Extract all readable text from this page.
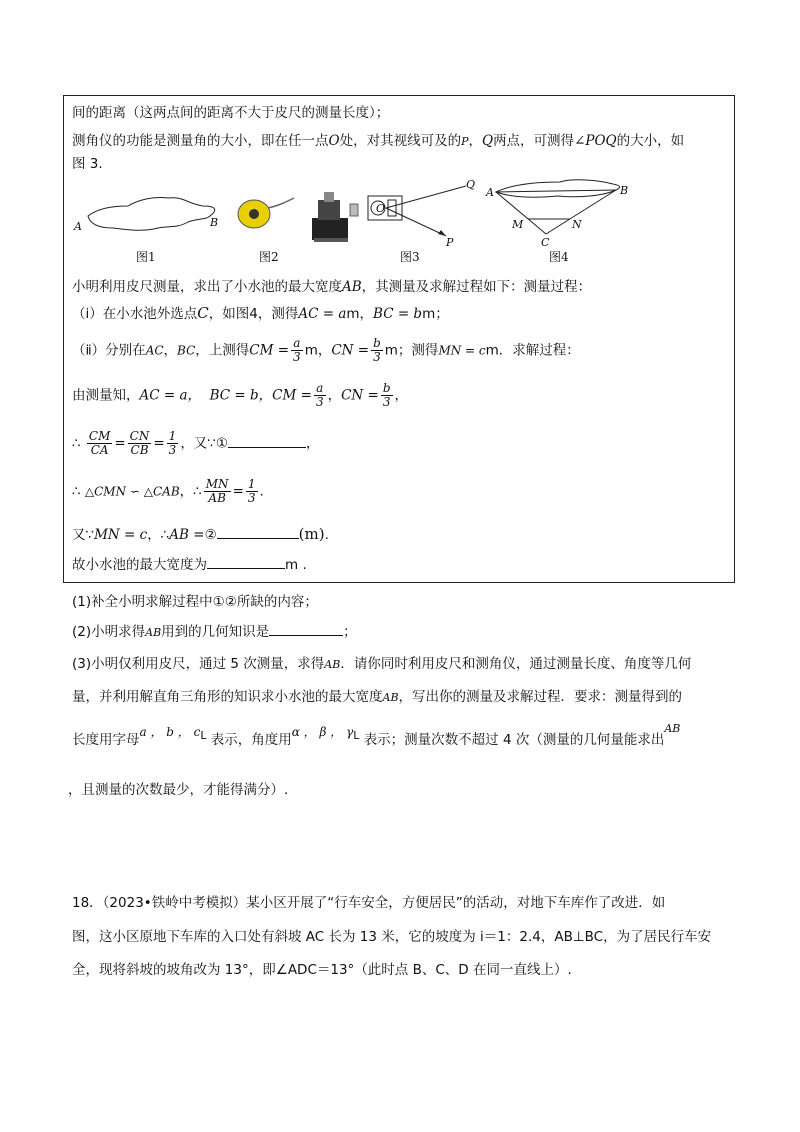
间的距离（这两点间的距离不大于皮尺的测量长度）；
测角仪的功能是测量角的大小，即在任一点O处，对其视线可及的P，Q两点，可测得∠POQ的大小，如
图 3.
A	B
O
P
Q
A	B
M	N
C
图1	图2	图3	图4
小明利用皮尺测量，求出了小水池的最大宽度AB，其测量及求解过程如下：测量过程：
（ⅰ）在小水池外选点C，如图4，测得AC = am，BC = bm；
（ⅱ）分别在AC，BC，上测得CM = $\frac{a}{3}$ m，CN = $\frac{b}{3}$ m；测得MN = cm．求解过程：
由测量知，AC = a， BC = b，CM = $\frac{a}{3}$ ，CN = $\frac{b}{3}$ ，
∴ $\frac{CM}{CA} = \frac{CN}{CB} = \frac{1}{3}$ ，又∵①	，
∴ △CMN ∽ △CAB，∴ $\frac{MN}{AB} = \frac{1}{3}$ .
又∵MN = c，∴AB =②	(m).
故小水池的最大宽度为	m .
(1)补全小明求解过程中①②所缺的内容；
(2)小明求得AB用到的几何知识是	；
(3)小明仅利用皮尺，通过 5 次测量，求得AB．请你同时利用皮尺和测角仪，通过测量长度、角度等几何
量，并利用解直角三角形的知识求小水池的最大宽度AB，写出你的测量及求解过程．要求：测量得到的
长度用字母a ， b ， $c^L$ 表示，角度用α ， β ， $\gamma^L$ 表示；测量次数不超过 4 次（测量的几何量能求出$^{AB}$
，且测量的次数最少，才能得满分）.
18．（2023•铁岭中考模拟）某小区开展了“行车安全，方便居民”的活动，对地下车库作了改进．如
图，这小区原地下车库的入口处有斜坡 AC 长为 13 米，它的坡度为 i＝1：2.4，AB⊥BC，为了居民行车安
全，现将斜坡的坡角改为 13°，即∠ADC＝13°（此时点 B、C、D 在同一直线上）.
